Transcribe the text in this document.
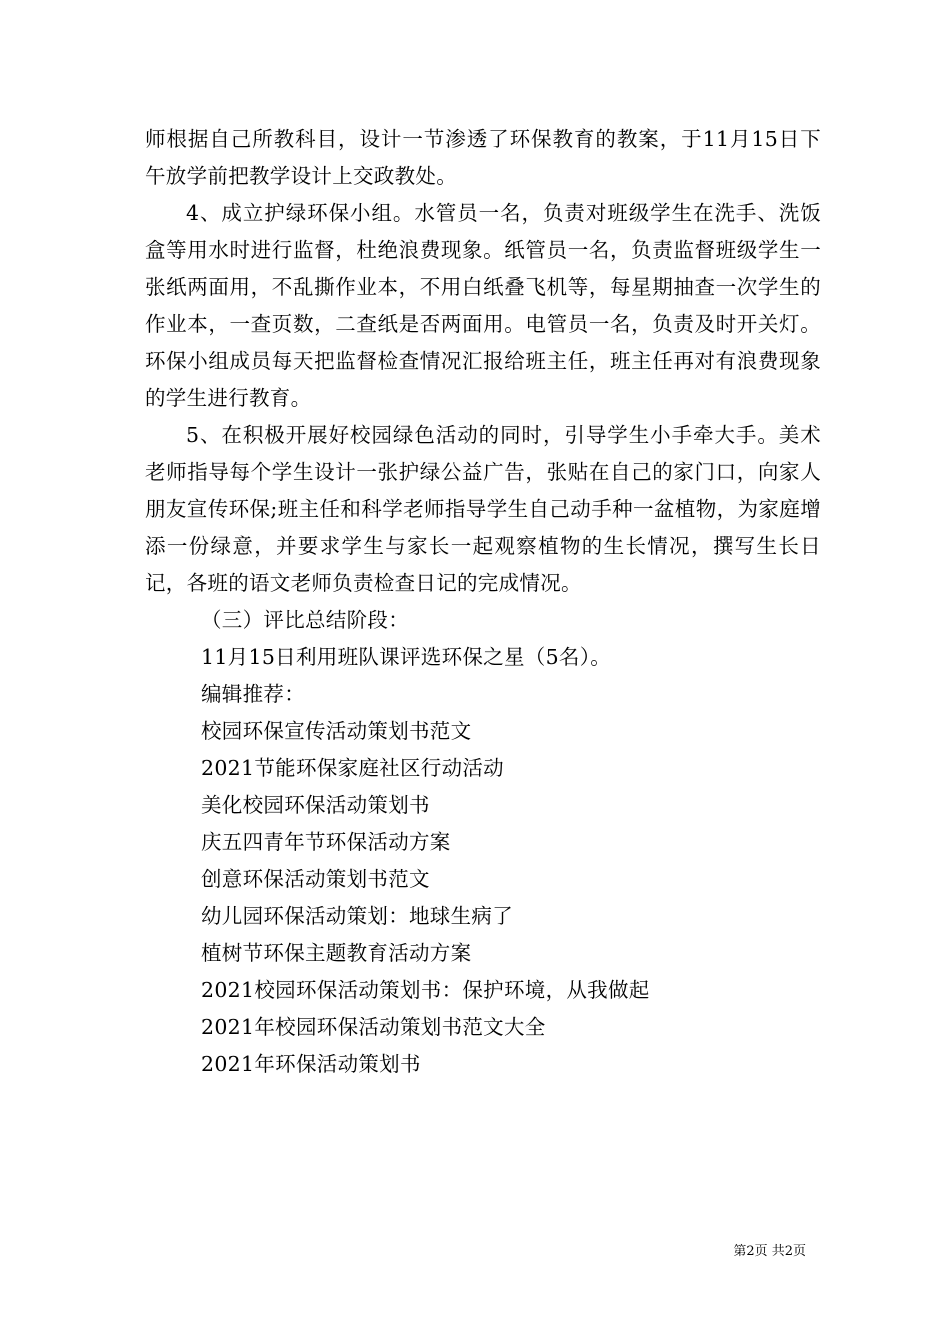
师根据自己所教科目，设计一节渗透了环保教育的教案，于11月15日下午放学前把教学设计上交政教处。

4、成立护绿环保小组。水管员一名，负责对班级学生在洗手、洗饭盒等用水时进行监督，杜绝浪费现象。纸管员一名，负责监督班级学生一张纸两面用，不乱撕作业本，不用白纸叠飞机等，每星期抽查一次学生的作业本，一查页数，二查纸是否两面用。电管员一名，负责及时开关灯。环保小组成员每天把监督检查情况汇报给班主任，班主任再对有浪费现象的学生进行教育。

5、在积极开展好校园绿色活动的同时，引导学生小手牵大手。美术老师指导每个学生设计一张护绿公益广告，张贴在自己的家门口，向家人朋友宣传环保;班主任和科学老师指导学生自己动手种一盆植物，为家庭增添一份绿意，并要求学生与家长一起观察植物的生长情况，撰写生长日记，各班的语文老师负责检查日记的完成情况。

（三）评比总结阶段：

11月15日利用班队课评选环保之星（5名）。

编辑推荐：

校园环保宣传活动策划书范文
2021节能环保家庭社区行动活动
美化校园环保活动策划书
庆五四青年节环保活动方案
创意环保活动策划书范文
幼儿园环保活动策划：地球生病了
植树节环保主题教育活动方案
2021校园环保活动策划书：保护环境，从我做起
2021年校园环保活动策划书范文大全
2021年环保活动策划书
第2页 共2页
